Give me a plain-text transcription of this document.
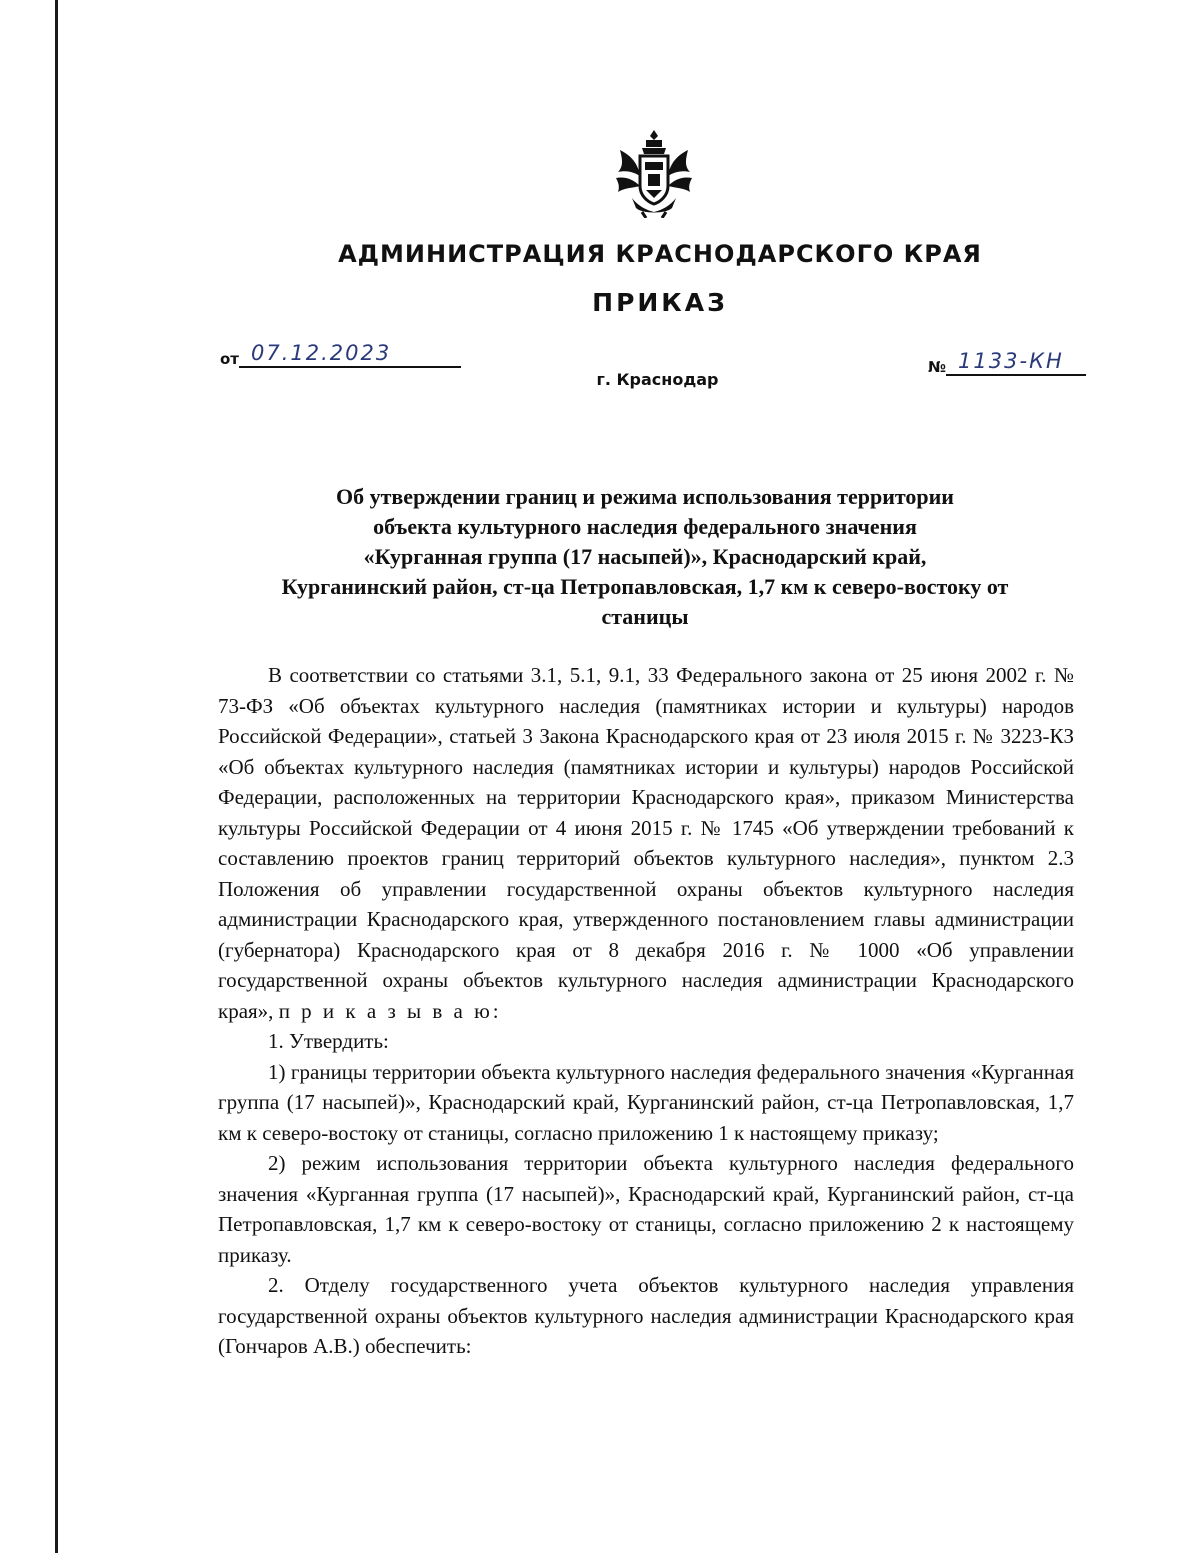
АДМИНИСТРАЦИЯ КРАСНОДАРСКОГО КРАЯ
ПРИКАЗ
от 07.12.2023
№ 1133-КН
г. Краснодар
Об утверждении границ и режима использования территории
объекта культурного наследия федерального значения
«Курганная группа (17 насыпей)», Краснодарский край,
Курганинский район, ст-ца Петропавловская, 1,7 км к северо-востоку от
станицы

В соответствии со статьями 3.1, 5.1, 9.1, 33 Федерального закона от 25 июня 2002 г. № 73-ФЗ «Об объектах культурного наследия (памятниках истории и культуры) народов Российской Федерации», статьей 3 Закона Краснодарского края от 23 июля 2015 г. № 3223-КЗ «Об объектах культурного наследия (памятниках истории и культуры) народов Российской Федерации, расположенных на территории Краснодарского края», приказом Министерства культуры Российской Федерации от 4 июня 2015 г. № 1745 «Об утверждении требований к составлению проектов границ территорий объектов культурного наследия», пунктом 2.3 Положения об управлении государственной охраны объектов культурного наследия администрации Краснодарского края, утвержденного постановлением главы администрации (губернатора) Краснодарского края от 8 декабря 2016 г. № 1000 «Об управлении государственной охраны объектов культурного наследия администрации Краснодарского края», п р и к а з ы в а ю:

1. Утвердить:

1) границы территории объекта культурного наследия федерального значения «Курганная группа (17 насыпей)», Краснодарский край, Курганинский район, ст-ца Петропавловская, 1,7 км к северо-востоку от станицы, согласно приложению 1 к настоящему приказу;

2) режим использования территории объекта культурного наследия федерального значения «Курганная группа (17 насыпей)», Краснодарский край, Курганинский район, ст-ца Петропавловская, 1,7 км к северо-востоку от станицы, согласно приложению 2 к настоящему приказу.

2. Отделу государственного учета объектов культурного наследия управления государственной охраны объектов культурного наследия администрации Краснодарского края (Гончаров А.В.) обеспечить:
